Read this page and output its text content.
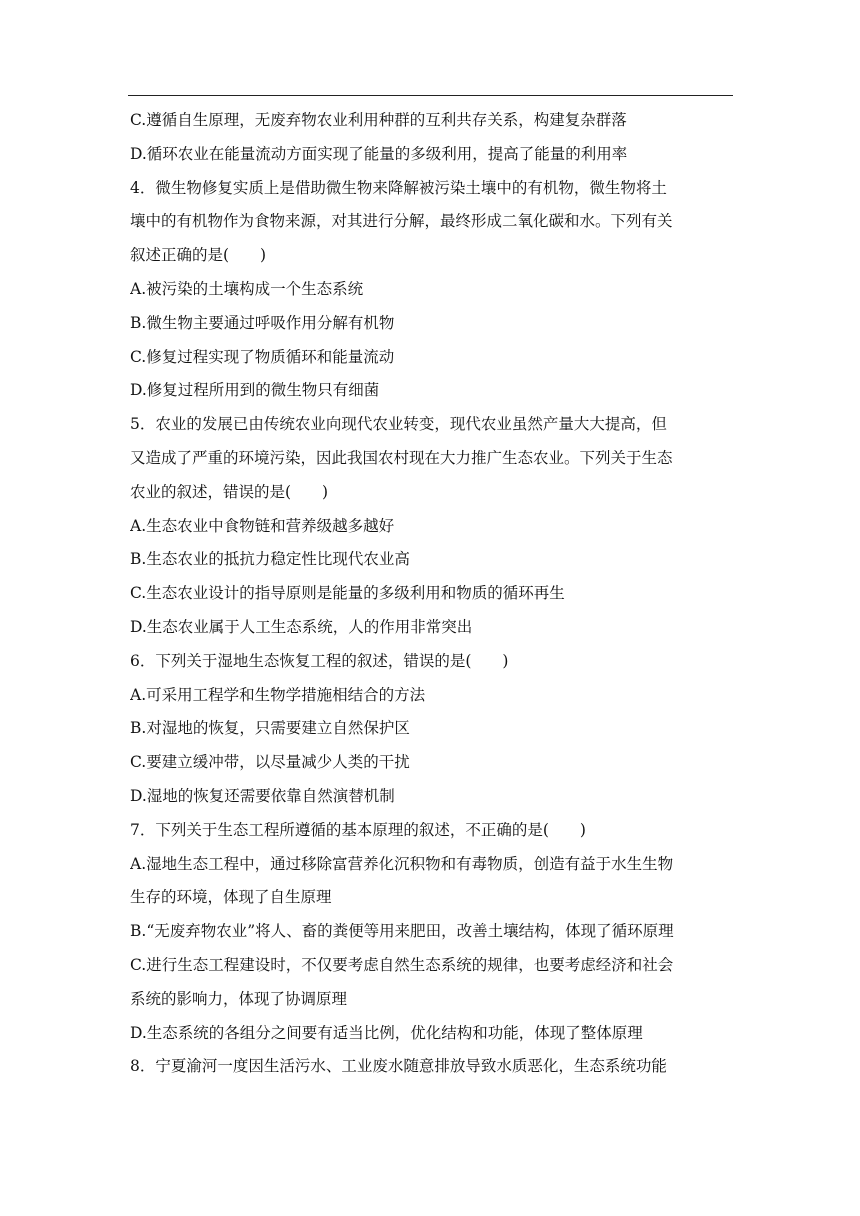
C.遵循自生原理，无废弃物农业利用种群的互利共存关系，构建复杂群落
D.循环农业在能量流动方面实现了能量的多级利用，提高了能量的利用率
4．微生物修复实质上是借助微生物来降解被污染土壤中的有机物，微生物将土
壤中的有机物作为食物来源，对其进行分解，最终形成二氧化碳和水。下列有关
叙述正确的是(　　)
A.被污染的土壤构成一个生态系统
B.微生物主要通过呼吸作用分解有机物
C.修复过程实现了物质循环和能量流动
D.修复过程所用到的微生物只有细菌
5．农业的发展已由传统农业向现代农业转变，现代农业虽然产量大大提高，但
又造成了严重的环境污染，因此我国农村现在大力推广生态农业。下列关于生态
农业的叙述，错误的是(　　)
A.生态农业中食物链和营养级越多越好
B.生态农业的抵抗力稳定性比现代农业高
C.生态农业设计的指导原则是能量的多级利用和物质的循环再生
D.生态农业属于人工生态系统，人的作用非常突出
6．下列关于湿地生态恢复工程的叙述，错误的是(　　)
A.可采用工程学和生物学措施相结合的方法
B.对湿地的恢复，只需要建立自然保护区
C.要建立缓冲带，以尽量减少人类的干扰
D.湿地的恢复还需要依靠自然演替机制
7．下列关于生态工程所遵循的基本原理的叙述，不正确的是(　　)
A.湿地生态工程中，通过移除富营养化沉积物和有毒物质，创造有益于水生生物
生存的环境，体现了自生原理
B.“无废弃物农业”将人、畜的粪便等用来肥田，改善土壤结构，体现了循环原理
C.进行生态工程建设时，不仅要考虑自然生态系统的规律，也要考虑经济和社会
系统的影响力，体现了协调原理
D.生态系统的各组分之间要有适当比例，优化结构和功能，体现了整体原理
8．宁夏渝河一度因生活污水、工业废水随意排放导致水质恶化，生态系统功能
